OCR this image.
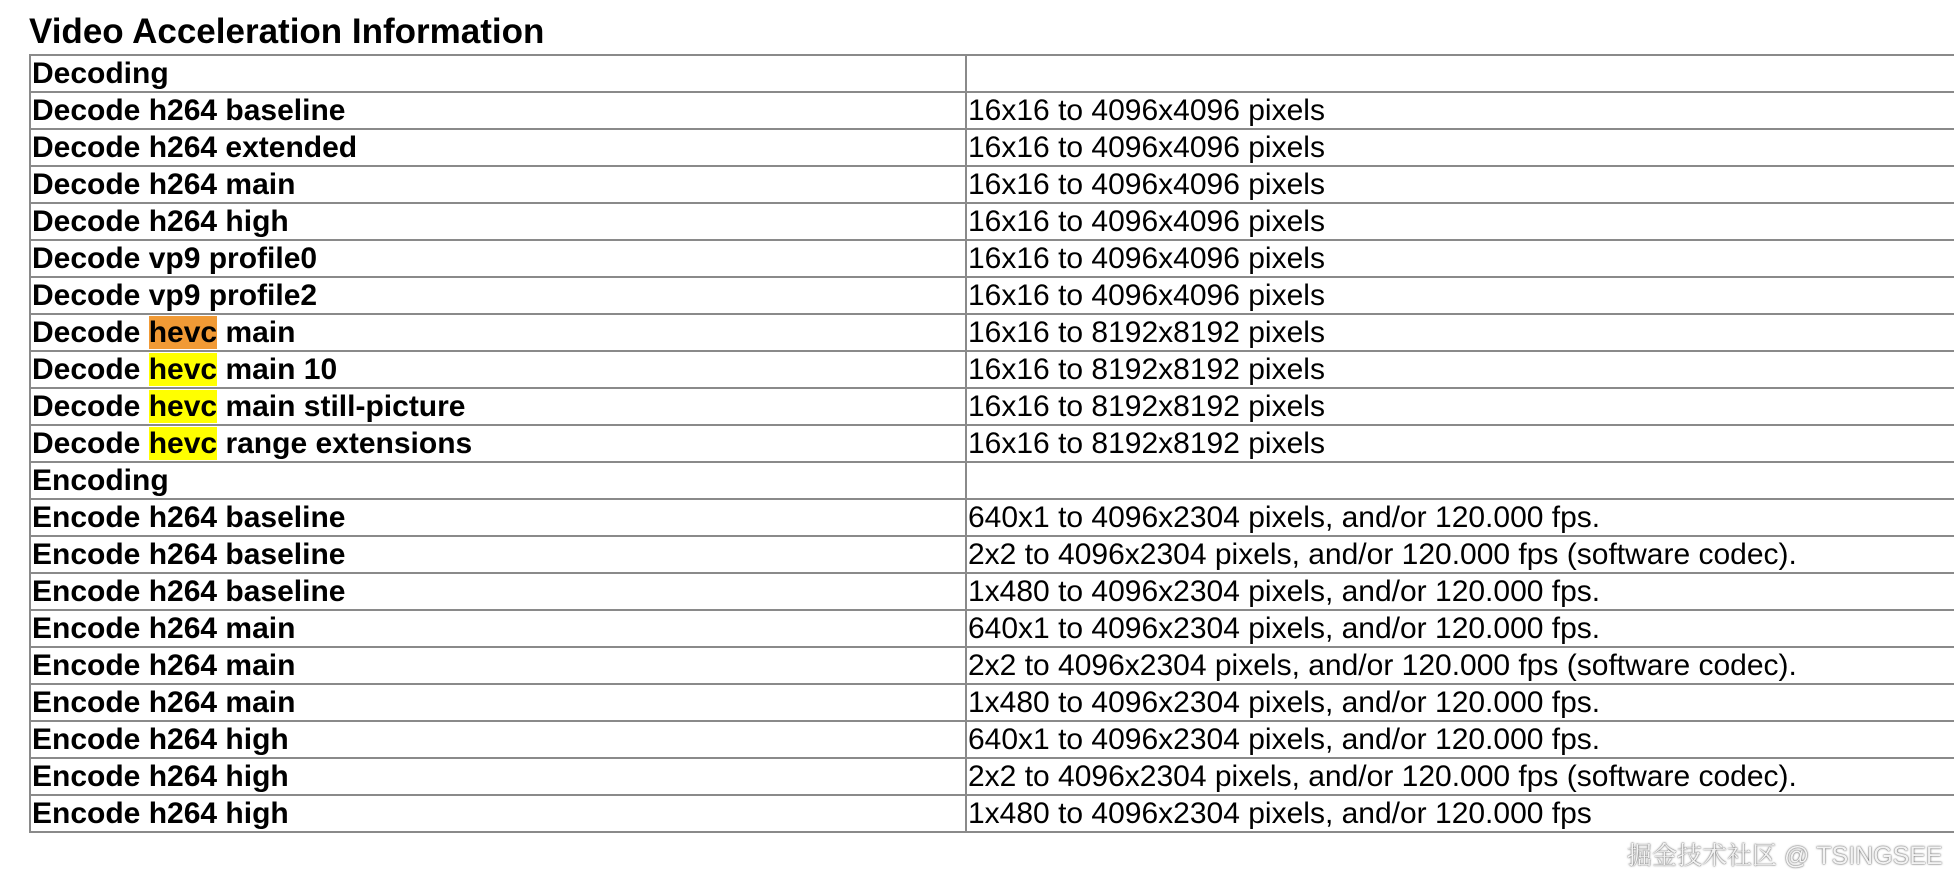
Video Acceleration Information
Decoding	
Decode h264 baseline	16x16 to 4096x4096 pixels
Decode h264 extended	16x16 to 4096x4096 pixels
Decode h264 main	16x16 to 4096x4096 pixels
Decode h264 high	16x16 to 4096x4096 pixels
Decode vp9 profile0	16x16 to 4096x4096 pixels
Decode vp9 profile2	16x16 to 4096x4096 pixels
Decode hevc main	16x16 to 8192x8192 pixels
Decode hevc main 10	16x16 to 8192x8192 pixels
Decode hevc main still-picture	16x16 to 8192x8192 pixels
Decode hevc range extensions	16x16 to 8192x8192 pixels
Encoding	
Encode h264 baseline	640x1 to 4096x2304 pixels, and/or 120.000 fps.
Encode h264 baseline	2x2 to 4096x2304 pixels, and/or 120.000 fps (software codec).
Encode h264 baseline	1x480 to 4096x2304 pixels, and/or 120.000 fps.
Encode h264 main	640x1 to 4096x2304 pixels, and/or 120.000 fps.
Encode h264 main	2x2 to 4096x2304 pixels, and/or 120.000 fps (software codec).
Encode h264 main	1x480 to 4096x2304 pixels, and/or 120.000 fps.
Encode h264 high	640x1 to 4096x2304 pixels, and/or 120.000 fps.
Encode h264 high	2x2 to 4096x2304 pixels, and/or 120.000 fps (software codec).
Encode h264 high	1x480 to 4096x2304 pixels, and/or 120.000 fps
掘金技术社区 @ TSINGSEE
